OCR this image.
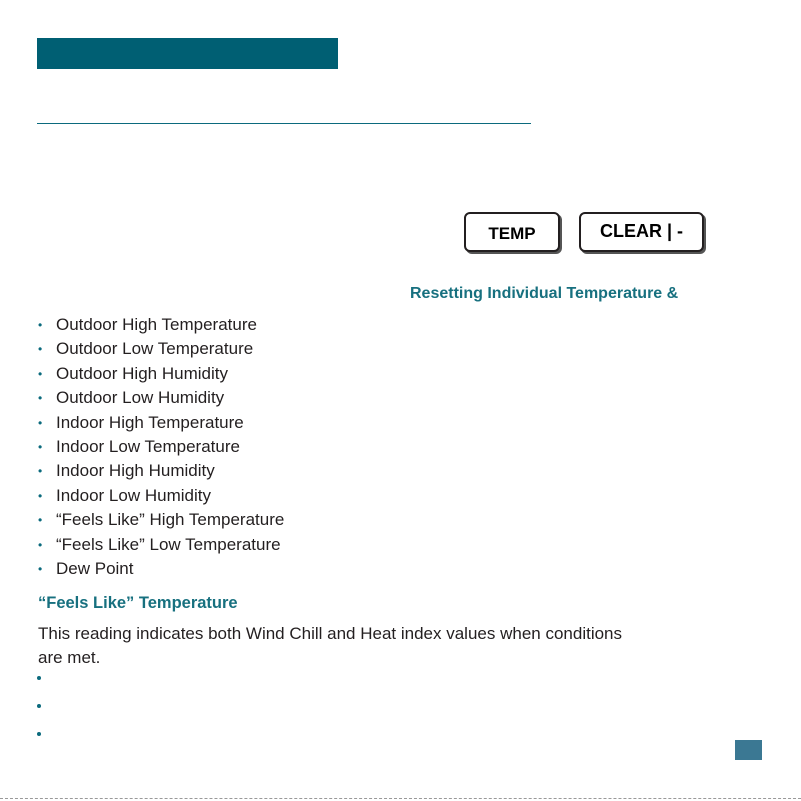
TEMP	CLEAR | -
Resetting Individual Temperature &
• Outdoor High Temperature
• Outdoor Low Temperature
• Outdoor High Humidity
• Outdoor Low Humidity
• Indoor High Temperature
• Indoor Low Temperature
• Indoor High Humidity
• Indoor Low Humidity
• “Feels Like” High Temperature
• “Feels Like” Low Temperature
• Dew Point
“Feels Like” Temperature
This reading indicates both Wind Chill and Heat index values when conditions are met.
